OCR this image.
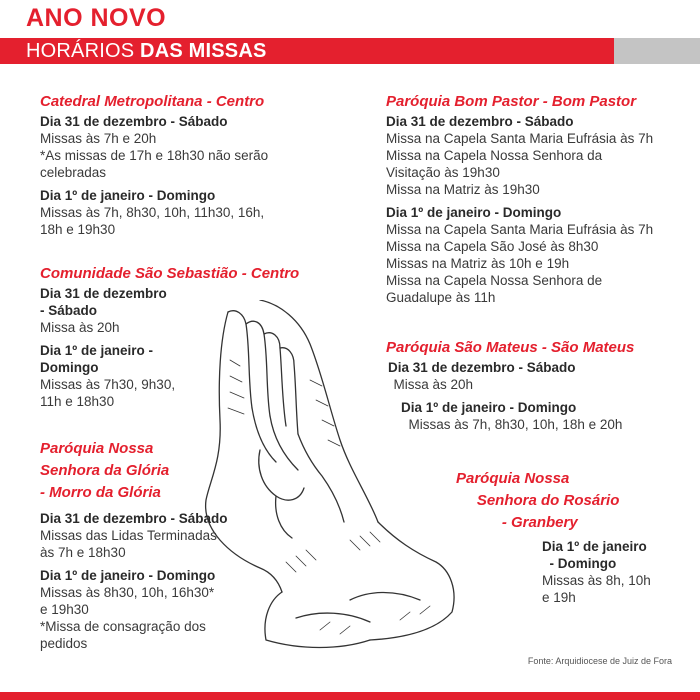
ANO NOVO
HORÁRIOS DAS MISSAS
Catedral Metropolitana - Centro
Dia 31 de dezembro - Sábado
Missas às 7h e 20h
*As missas de 17h e 18h30 não serão
celebradas
Dia 1º de janeiro - Domingo
Missas às 7h, 8h30, 10h, 11h30, 16h,
18h e 19h30
Comunidade São Sebastião - Centro
Dia 31 de dezembro
- Sábado
Missa às 20h
Dia 1º de janeiro -
Domingo
Missas às 7h30, 9h30,
11h e 18h30
Paróquia Nossa
Senhora da Glória
- Morro da Glória
Dia 31 de dezembro - Sábado
Missas das Lidas Terminadas
às 7h e 18h30
Dia 1º de janeiro - Domingo
Missas às 8h30, 10h, 16h30*
e 19h30
*Missa de consagração dos
pedidos
Paróquia Bom Pastor - Bom Pastor
Dia 31 de dezembro - Sábado
Missa na Capela Santa Maria Eufrásia às 7h
Missa na Capela Nossa Senhora da
Visitação às 19h30
Missa na Matriz às 19h30
Dia 1º de janeiro - Domingo
Missa na Capela Santa Maria Eufrásia às 7h
Missa na Capela São José às 8h30
Missas na Matriz às 10h e 19h
Missa na Capela Nossa Senhora de
Guadalupe às 11h
Paróquia São Mateus - São Mateus
Dia 31 de dezembro - Sábado
Missa às 20h
Dia 1º de janeiro - Domingo
Missas às 7h, 8h30, 10h, 18h e 20h
Paróquia Nossa
Senhora do Rosário
- Granbery
Dia 1º de janeiro
- Domingo
Missas às 8h, 10h
e 19h
Fonte: Arquidiocese de Juiz de Fora
